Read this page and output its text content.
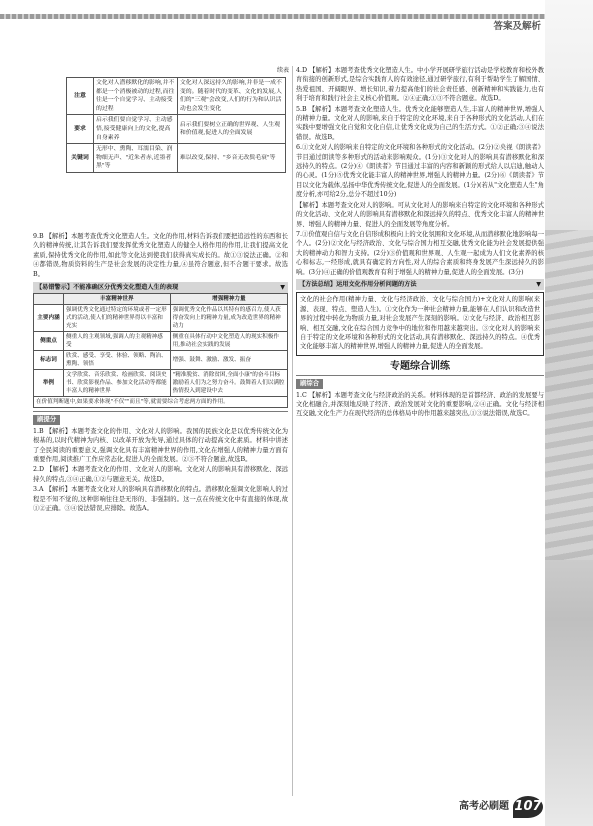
答案及解析
续表
注意	文化对人潜移默化的影响,并不都是一个消极被动的过程,而往往是一个自觉学习、主动接受的过程	文化对人深远持久的影响,并非是一成不变的。随着时代的变革、文化的发展,人们的"三观"会改变,人们的行为和认识活动也会发生变化
要求	启示我们要自觉学习、主动感悟,接受健康向上的文化,提高自身素养	启示我们要树立正确的世界观、人生观和价值观,促进人的全面发展
关键词	无形中、熏陶、耳濡目染、润物细无声、"近朱者赤,近墨者黑"等	难以改变,保持、"乡音无改鬓毛衰"等

9.B 【解析】本题考查优秀文化塑造人生。文化的作用,材料告诉我们要把追远性的东西和长久的精神传统,让其告诉我们要发挥优秀文化塑造人的健全人格作用的作用,让我们提高文化素质,保持优秀文化的作用,如此等文化达到使我们获得真实成长的。故①③说法正确。②和④都错误,物质资料的生产是社会发展的决定性力量,④虽符合题意,但不合题干要求。故选B。

【易错警示】不能准确区分优秀文化塑造人生的表现	▼
	丰富精神世界	增强精神力量
主要内涵	强调优秀文化通过特定的环境或者一定形式的活动,使人们的精神世界得以丰富和充实	强调优秀文化作品以其特有的感召力,使人获得奋发向上的精神力量,成为改造世界的精神动力
侧重点	侧重人的主观领域,强调人的主观精神感受	侧重在具体行动中文化塑造人的现实积极作用,推动社会实践的发展
标志词	欣赏、感受、享受、体验、领略、陶冶、熏陶、领悟	增强、鼓舞、激励、激发、振奋
举例	文学欣赏、音乐欣赏、绘画欣赏、阅读史书、欣赏影视作品、参加文化活动等都能丰富人的精神世界	"精准脱贫、消除贫困,全面小康"的奋斗目标激励着人们为之努力奋斗。鼓舞着人们以满腔热情投入到建设中去
在价值判断题中,如果要求体现"不仅""而且"等,就需要综合考虑两方面的作用。		
刷提分

1.B 【解析】本题考查文化的作用、文化对人的影响。我国的民族文化是以优秀传统文化为根基的,以时代精神为内核、以改革开放为先导,通过具体的行动提高文化素质。材料中讲述了全民阅读的重要意义,强调文化具有丰富精神世界的作用,文化在增强人的精神力量方面有重要作用,阅读推广工作应常态化,促进人的全面发展。②③不符合题意,故选B。

2.D 【解析】本题考查文化的作用、文化对人的影响。文化对人的影响具有潜移默化、深远持久的特点,③④正确,①②与题意无关。故选D。

3.A 【解析】本题考查文化对人的影响具有潜移默化的特点。潜移默化强调文化影响人的过程是不知不觉的,这种影响往往是无形的、非强制的。这一点在传统文化中有直接的体现,故①②正确。③④说法错误,应排除。故选A。

4.D 【解析】本题考查优秀文化塑造人生。中小学开展研学旅行活动是学校教育和校外教育衔接的创新形式,是综合实践育人的有效途径,通过研学旅行,有利于帮助学生了解国情、热爱祖国、开阔眼界、增长知识,着力提高他们的社会责任感、创新精神和实践能力,也有利于培育和践行社会主义核心价值观。②④正确;①③不符合题意。故选D。

5.B 【解析】本题考查文化塑造人生。优秀文化能够塑造人生,丰富人的精神世界,增强人的精神力量。文化对人的影响,来自于特定的文化环境,来自于各种形式的文化活动,人们在实践中要增强文化自觉和文化自信,让优秀文化成为自己的生活方式。①②正确;③④说法错误。故选B。

6.①文化对人的影响来自特定的文化环境和各种形式的文化活动。(2分)②央视《朗读者》节目通过朗读等多种形式的活动来影响观众。(1分)③文化对人的影响具有潜移默化和深远持久的特点。(2分)④《朗读者》节目通过丰富的内容和新颖的形式给人以启迪,触动人的心灵。(1分)⑤优秀文化能丰富人的精神世界,增强人的精神力量。(2分)⑥《朗读者》节目以文化为载体,弘扬中华优秀传统文化,促进人的全面发展。(1分)(若从"文化塑造人生"角度分析,亦可给2分,总分不超过10分)

【解析】本题考查文化对人的影响。可从文化对人的影响来自特定的文化环境和各种形式的文化活动、文化对人的影响具有潜移默化和深远持久的特点、优秀文化丰富人的精神世界、增强人的精神力量、促进人的全面发展等角度分析。

7.①价值观自信与文化自信形成积极向上的文化氛围和文化环境,从而潜移默化地影响每一个人。(2分)②文化与经济政治、文化与综合国力相互交融,优秀文化能为社会发展提供强大的精神动力和智力支持。(2分)③价值观和世界观、人生观一起成为人们文化素养的核心和标志,一经形成,就具有确定的方向性,对人的综合素质和终身发展产生深远持久的影响。(3分)④正确的价值观教育有利于增强人的精神力量,促进人的全面发展。(3分)

【方法总结】运用文化作用分析问题的方法	▼

文化的社会作用(精神力量、文化与经济政治、文化与综合国力)+文化对人的影响(来源、表现、特点、塑造人生)。①文化作为一种社会精神力量,能够在人们认识和改造世界的过程中转化为物质力量,对社会发展产生深刻的影响。②文化与经济、政治相互影响、相互交融,文化在综合国力竞争中的地位和作用越来越突出。③文化对人的影响来自于特定的文化环境和各种形式的文化活动,具有潜移默化、深远持久的特点。④优秀文化能够丰富人的精神世界,增强人的精神力量,促进人的全面发展。

专题综合训练
刷综合

1.C 【解析】本题考查文化与经济政治的关系。材料体现的是首都经济、政治的发展要与文化相融合,并深刻地反映了经济、政治发展对文化的重要影响,②④正确。文化与经济相互交融,文化生产力在现代经济的总体格局中的作用越来越突出,①③说法错误,故选C。

高考必刷题 107
